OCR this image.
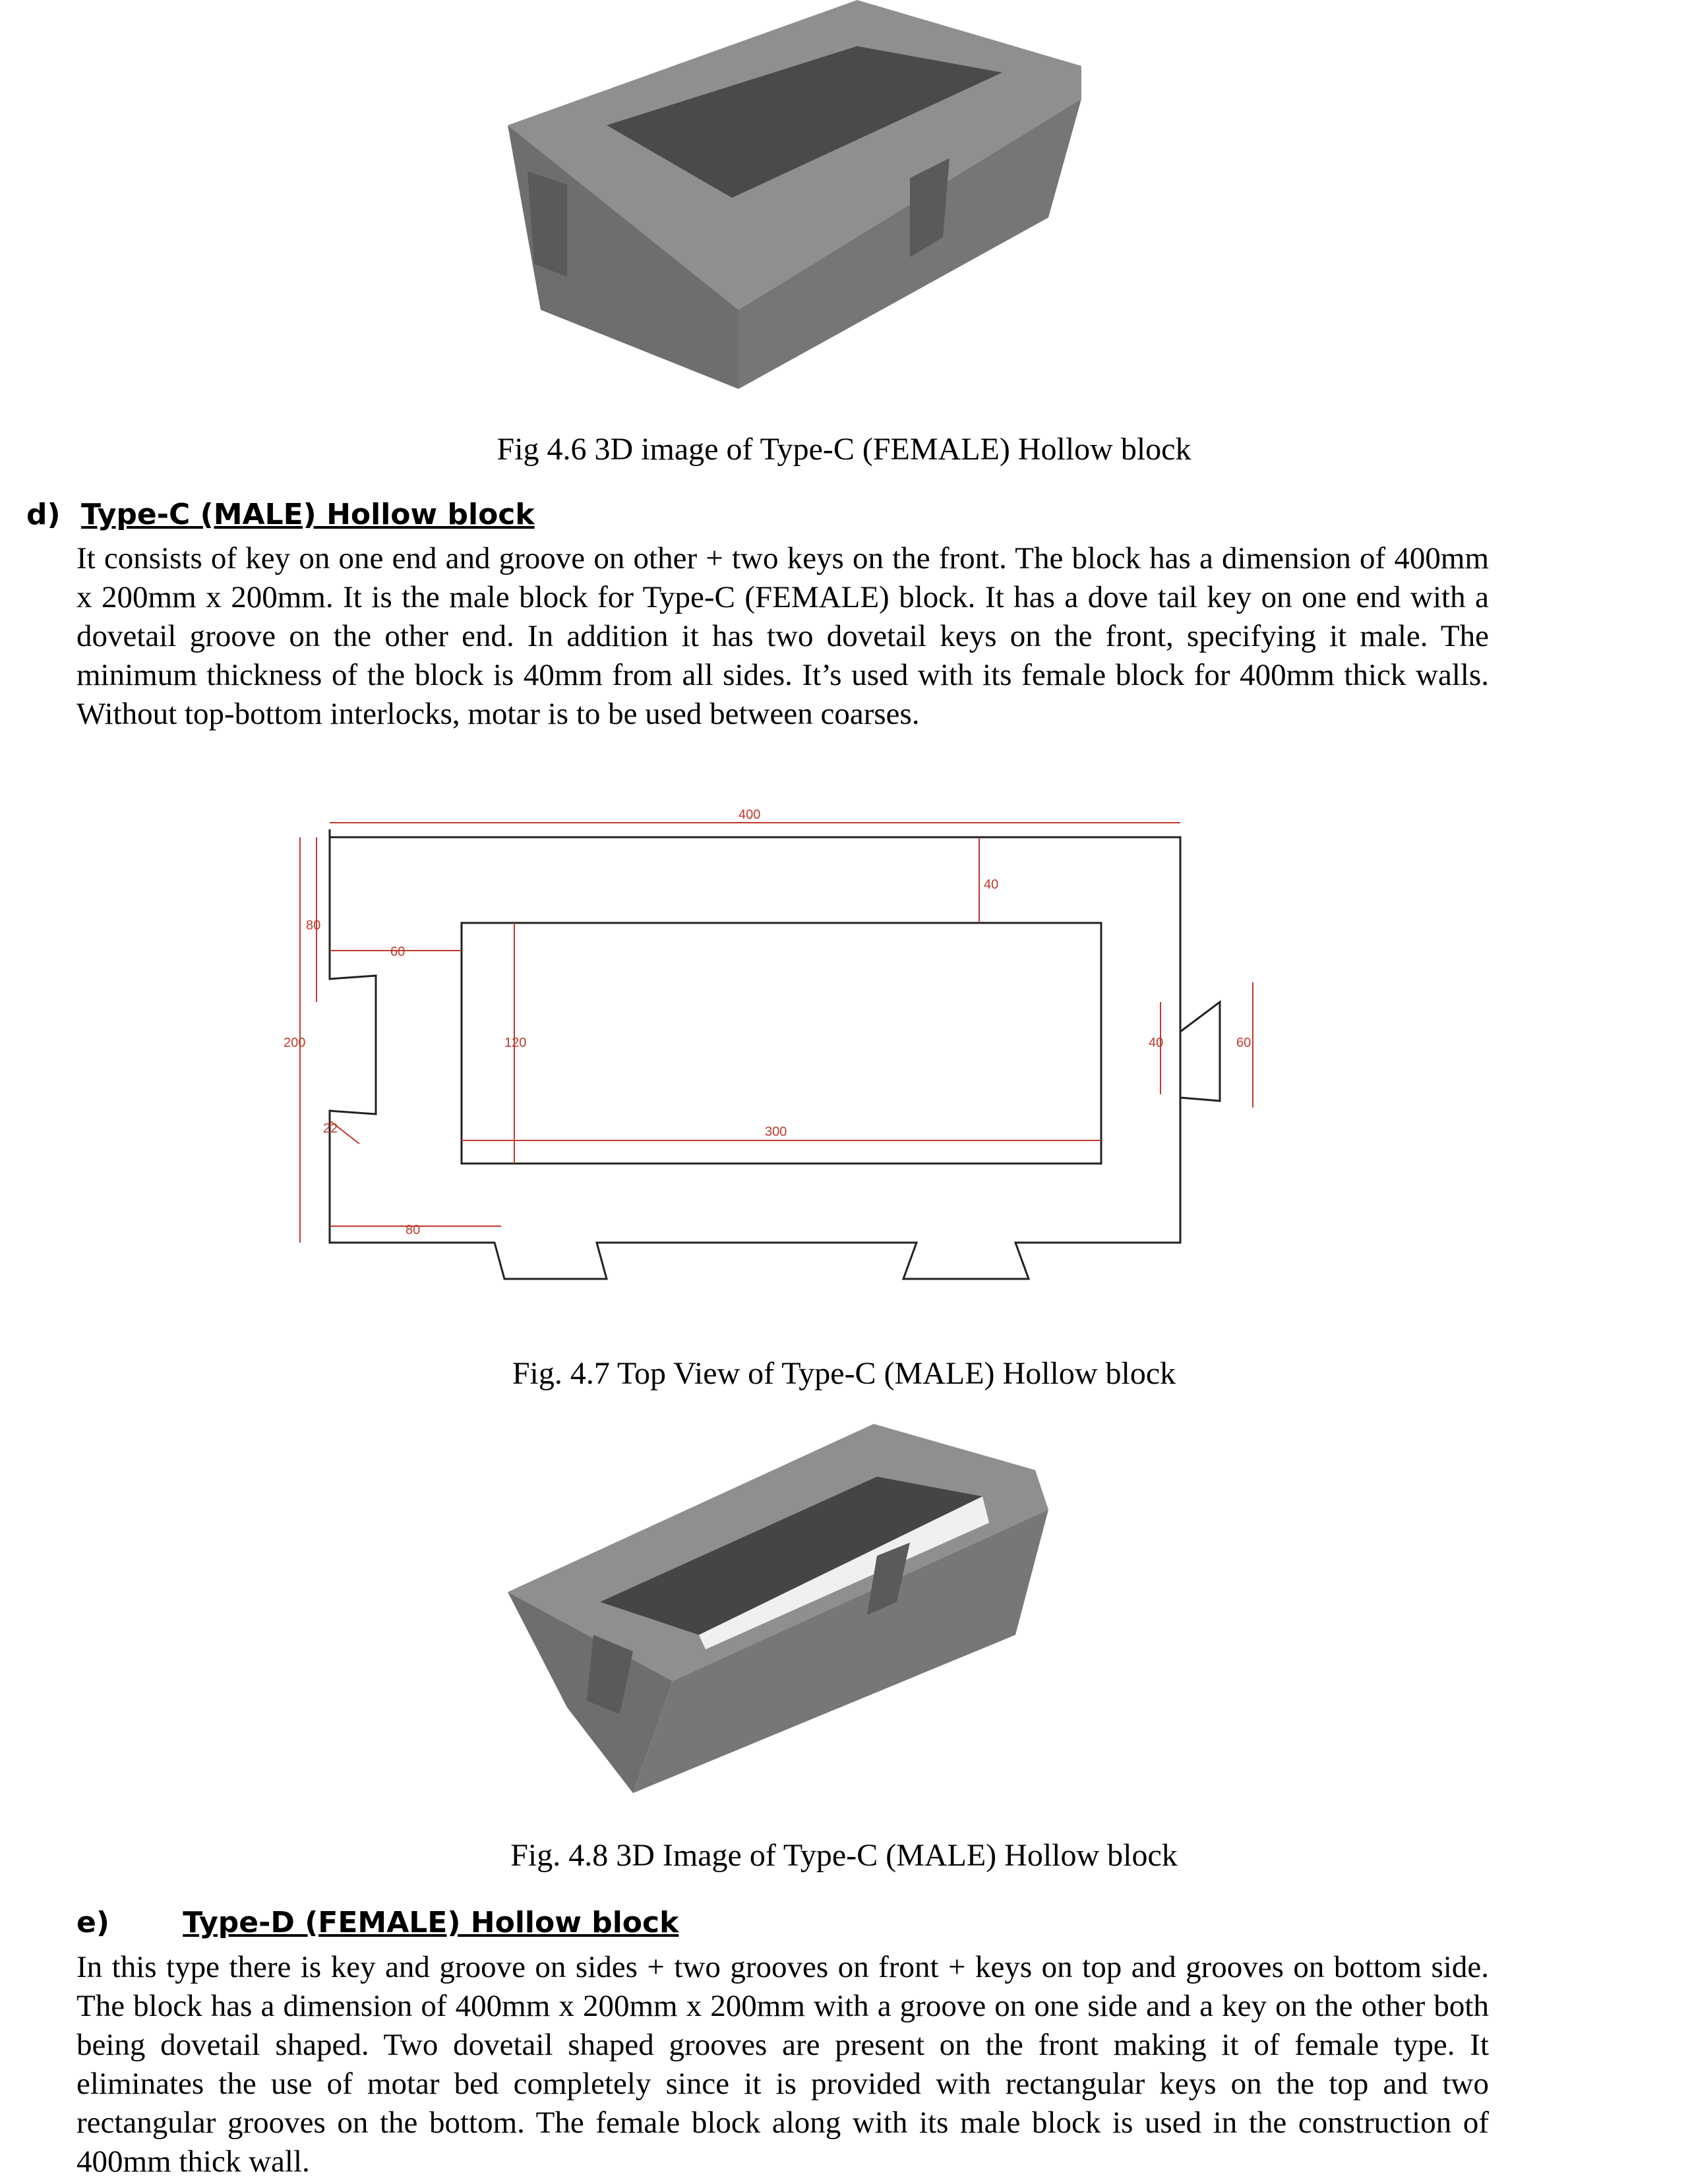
Fig 4.6 3D image of Type-C (FEMALE) Hollow block
d) Type-C (MALE) Hollow block
It consists of key on one end and groove on other + two keys on the front. The block has a dimension of 400mm x 200mm x 200mm. It is the male block for Type-C (FEMALE) block. It has a dove tail key on one end with a dovetail groove on the other end. In addition it has two dovetail keys on the front, specifying it male. The minimum thickness of the block is 40mm from all sides. It’s used with its female block for 400mm thick walls. Without top-bottom interlocks, motar is to be used between coarses.
400
40
80
60
200	120
22	300
80
40	60
Fig. 4.7 Top View of Type-C (MALE) Hollow block
Fig. 4.8 3D Image of Type-C (MALE) Hollow block
e)	Type-D (FEMALE) Hollow block
In this type there is key and groove on sides + two grooves on front + keys on top and grooves on bottom side. The block has a dimension of 400mm x 200mm x 200mm with a groove on one side and a key on the other both being dovetail shaped. Two dovetail shaped grooves are present on the front making it of female type. It eliminates the use of motar bed completely since it is provided with rectangular keys on the top and two rectangular grooves on the bottom. The female block along with its male block is used in the construction of 400mm thick wall.
